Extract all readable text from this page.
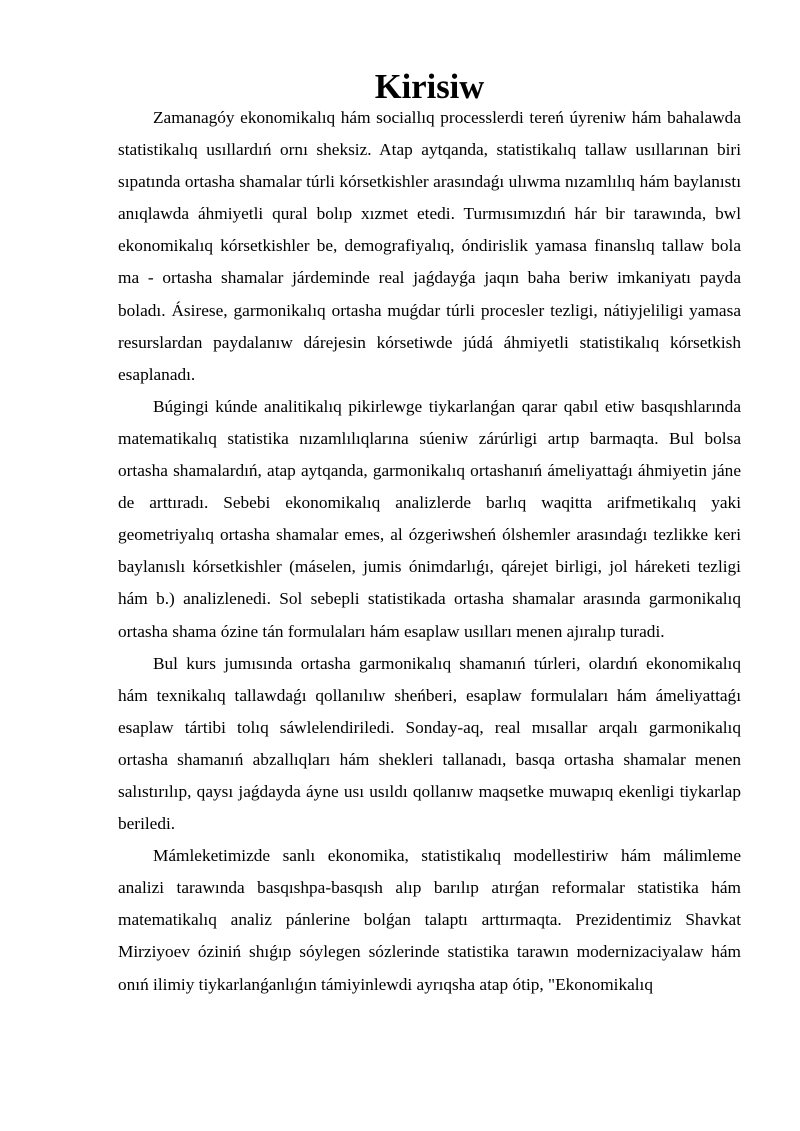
Kirisiw

Zamanagóy ekonomikalıq hám sociallıq processlerdi tereń úyreniw hám bahalawda statistikalıq usıllardıń ornı sheksiz. Atap aytqanda, statistikalıq tallaw usıllarınan biri sıpatında ortasha shamalar túrli kórsetkishler arasındaǵı ulıwma nızamlılıq hám baylanıstı anıqlawda áhmiyetli qural bolıp xızmet etedi. Turmısımızdıń hár bir tarawında, bwl ekonomikalıq kórsetkishler be, demografiyalıq, óndirislik yamasa finanslıq tallaw bola ma - ortasha shamalar járdeminde real jaǵdayǵa jaqın baha beriw imkaniyatı payda boladı. Ásirese, garmonikalıq ortasha muǵdar túrli procesler tezligi, nátiyjeliligi yamasa resurslardan paydalanıw dárejesin kórsetiwde júdá áhmiyetli statistikalıq kórsetkish esaplanadı.

Búgingi kúnde analitikalıq pikirlewge tiykarlanǵan qarar qabıl etiw basqıshlarında matematikalıq statistika nızamlılıqlarına súeniw zárúrligi artıp barmaqta. Bul bolsa ortasha shamalardıń, atap aytqanda, garmonikalıq ortashanıń ámeliyattaǵı áhmiyetin jáne de arttıradı. Sebebi ekonomikalıq analizlerde barlıq waqitta arifmetikalıq yaki geometriyalıq ortasha shamalar emes, al ózgeriwsheń ólshemler arasındaǵı tezlikke keri baylanıslı kórsetkishler (máselen, jumis ónimdarlıǵı, qárejet birligi, jol háreketi tezligi hám b.) analizlenedi. Sol sebepli statistikada ortasha shamalar arasında garmonikalıq ortasha shama ózine tán formulaları hám esaplaw usılları menen ajıralıp turadi.

Bul kurs jumısında ortasha garmonikalıq shamanıń túrleri, olardıń ekonomikalıq hám texnikalıq tallawdaǵı qollanılıw sheńberi, esaplaw formulaları hám ámeliyattaǵı esaplaw tártibi tolıq sáwlelendiriledi. Sonday-aq, real mısallar arqalı garmonikalıq ortasha shamanıń abzallıqları hám shekleri tallanadı, basqa ortasha shamalar menen salıstırılıp, qaysı jaǵdayda áyne usı usıldı qollanıw maqsetke muwapıq ekenligi tiykarlap beriledi.

Mámleketimizde sanlı ekonomika, statistikalıq modellestiriw hám málimleme analizi tarawında basqıshpa-basqısh alıp barılıp atırǵan reformalar statistika hám matematikalıq analiz pánlerine bolǵan talaptı arttırmaqta. Prezidentimiz Shavkat Mirziyoev óziniń shıǵıp sóylegen sózlerinde statistika tarawın modernizaciyalaw hám onıń ilimiy tiykarlanǵanlıǵın támiyinlewdi ayrıqsha atap ótip, "Ekonomikalıq
